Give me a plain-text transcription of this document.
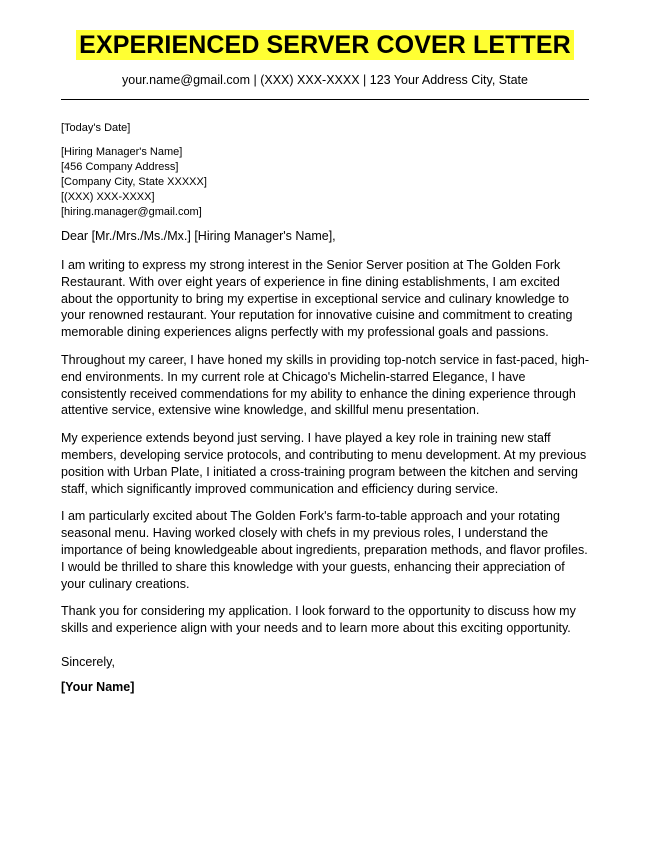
EXPERIENCED SERVER COVER LETTER
your.name@gmail.com | (XXX) XXX-XXXX | 123 Your Address City, State
[Today's Date]
[Hiring Manager's Name]
[456 Company Address]
[Company City, State XXXXX]
[(XXX) XXX-XXXX]
[hiring.manager@gmail.com]
Dear [Mr./Mrs./Ms./Mx.] [Hiring Manager's Name],

I am writing to express my strong interest in the Senior Server position at The Golden Fork Restaurant. With over eight years of experience in fine dining establishments, I am excited about the opportunity to bring my expertise in exceptional service and culinary knowledge to your renowned restaurant. Your reputation for innovative cuisine and commitment to creating memorable dining experiences aligns perfectly with my professional goals and passions.

Throughout my career, I have honed my skills in providing top-notch service in fast-paced, high-end environments. In my current role at Chicago's Michelin-starred Elegance, I have consistently received commendations for my ability to enhance the dining experience through attentive service, extensive wine knowledge, and skillful menu presentation.

My experience extends beyond just serving. I have played a key role in training new staff members, developing service protocols, and contributing to menu development. At my previous position with Urban Plate, I initiated a cross-training program between the kitchen and serving staff, which significantly improved communication and efficiency during service.

I am particularly excited about The Golden Fork's farm-to-table approach and your rotating seasonal menu. Having worked closely with chefs in my previous roles, I understand the importance of being knowledgeable about ingredients, preparation methods, and flavor profiles. I would be thrilled to share this knowledge with your guests, enhancing their appreciation of your culinary creations.

Thank you for considering my application. I look forward to the opportunity to discuss how my skills and experience align with your needs and to learn more about this exciting opportunity.

Sincerely,
[Your Name]
